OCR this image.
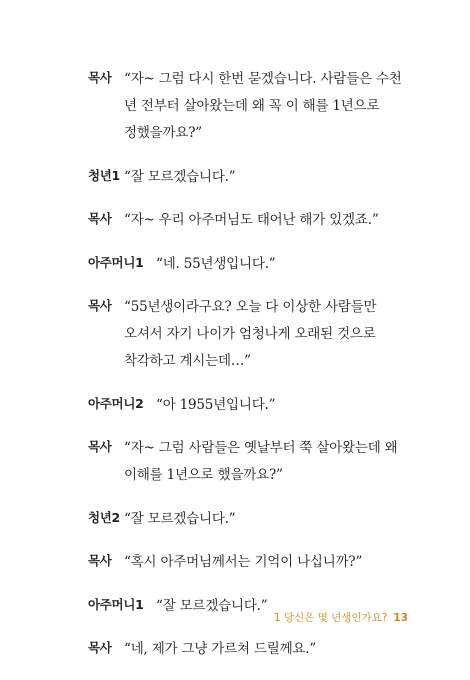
목사 “자~ 그럼 다시 한번 묻겠습니다. 사람들은 수천 년 전부터 살아왔는데 왜 꼭 이 해를 1년으로 정했을까요?”
청년1 “잘 모르겠습니다.”
목사 “자~ 우리 아주머님도 태어난 해가 있겠죠.”
아주머니1 “네. 55년생입니다.”
목사 “55년생이라구요? 오늘 다 이상한 사람들만 오셔서 자기 나이가 엄청나게 오래된 것으로 착각하고 계시는데…”
아주머니2 “아 1955년입니다.”
목사 “자~ 그럼 사람들은 옛날부터 쭉 살아왔는데 왜 이해를 1년으로 했을까요?”
청년2 “잘 모르겠습니다.”
목사 “혹시 아주머님께서는 기억이 나십니까?”
아주머니1 “잘 모르겠습니다.”
목사 “네, 제가 그냥 가르쳐 드릴께요.”
1 당신은 몇 년생인가요? 13
